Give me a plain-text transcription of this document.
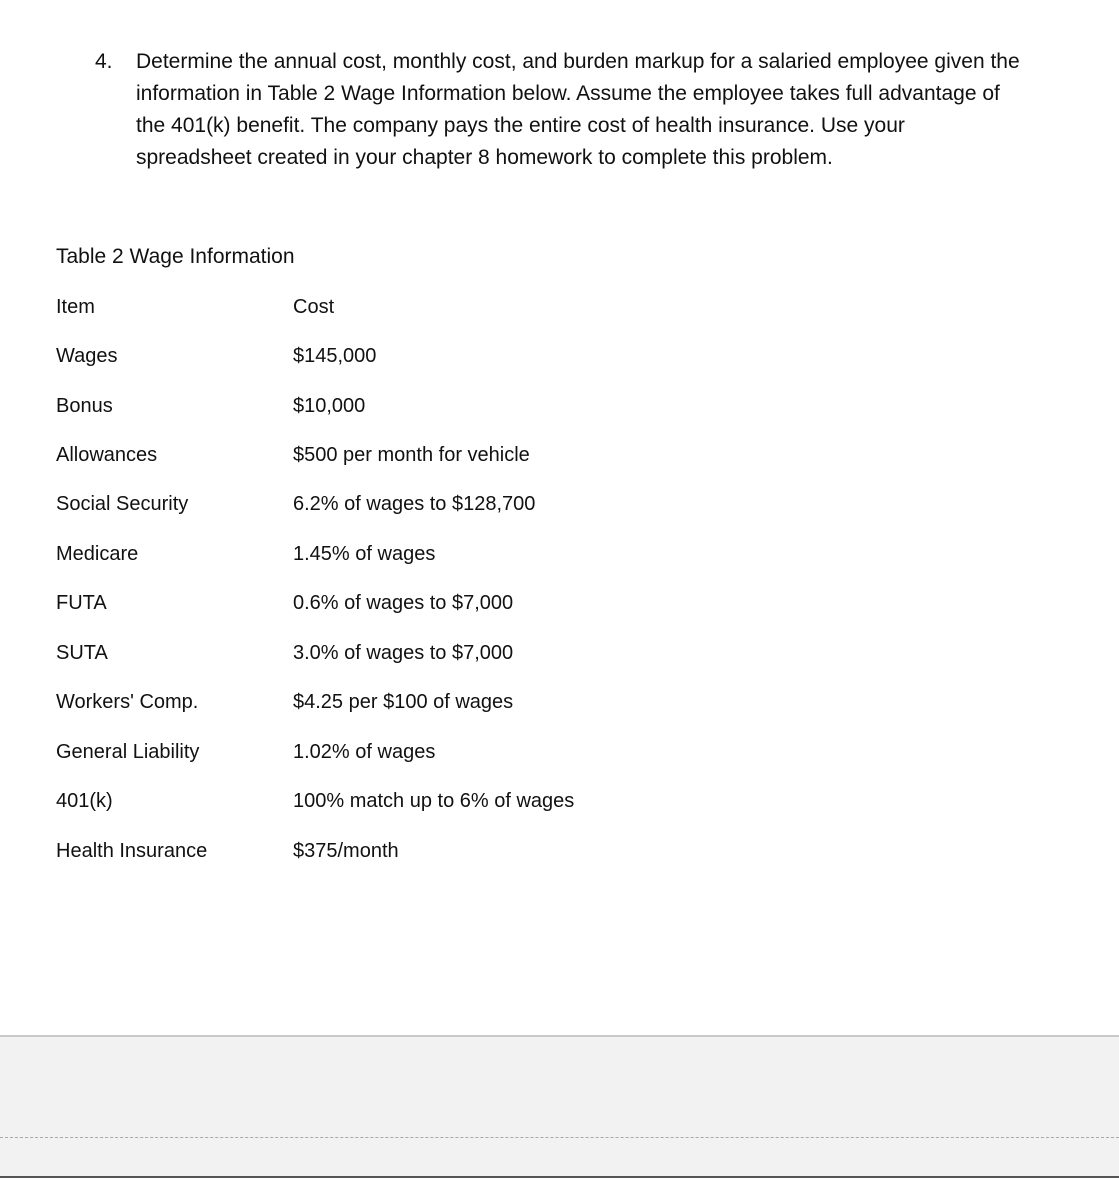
4. Determine the annual cost, monthly cost, and burden markup for a salaried employee given the
information in Table 2 Wage Information below. Assume the employee takes full advantage of
the 401(k) benefit. The company pays the entire cost of health insurance. Use your
spreadsheet created in your chapter 8 homework to complete this problem.
Table 2 Wage Information
Item	Cost
Wages	$145,000
Bonus	$10,000
Allowances	$500 per month for vehicle
Social Security	6.2% of wages to $128,700
Medicare	1.45% of wages
FUTA	0.6% of wages to $7,000
SUTA	3.0% of wages to $7,000
Workers' Comp.	$4.25 per $100 of wages
General Liability	1.02% of wages
401(k)	100% match up to 6% of wages
Health Insurance	$375/month
